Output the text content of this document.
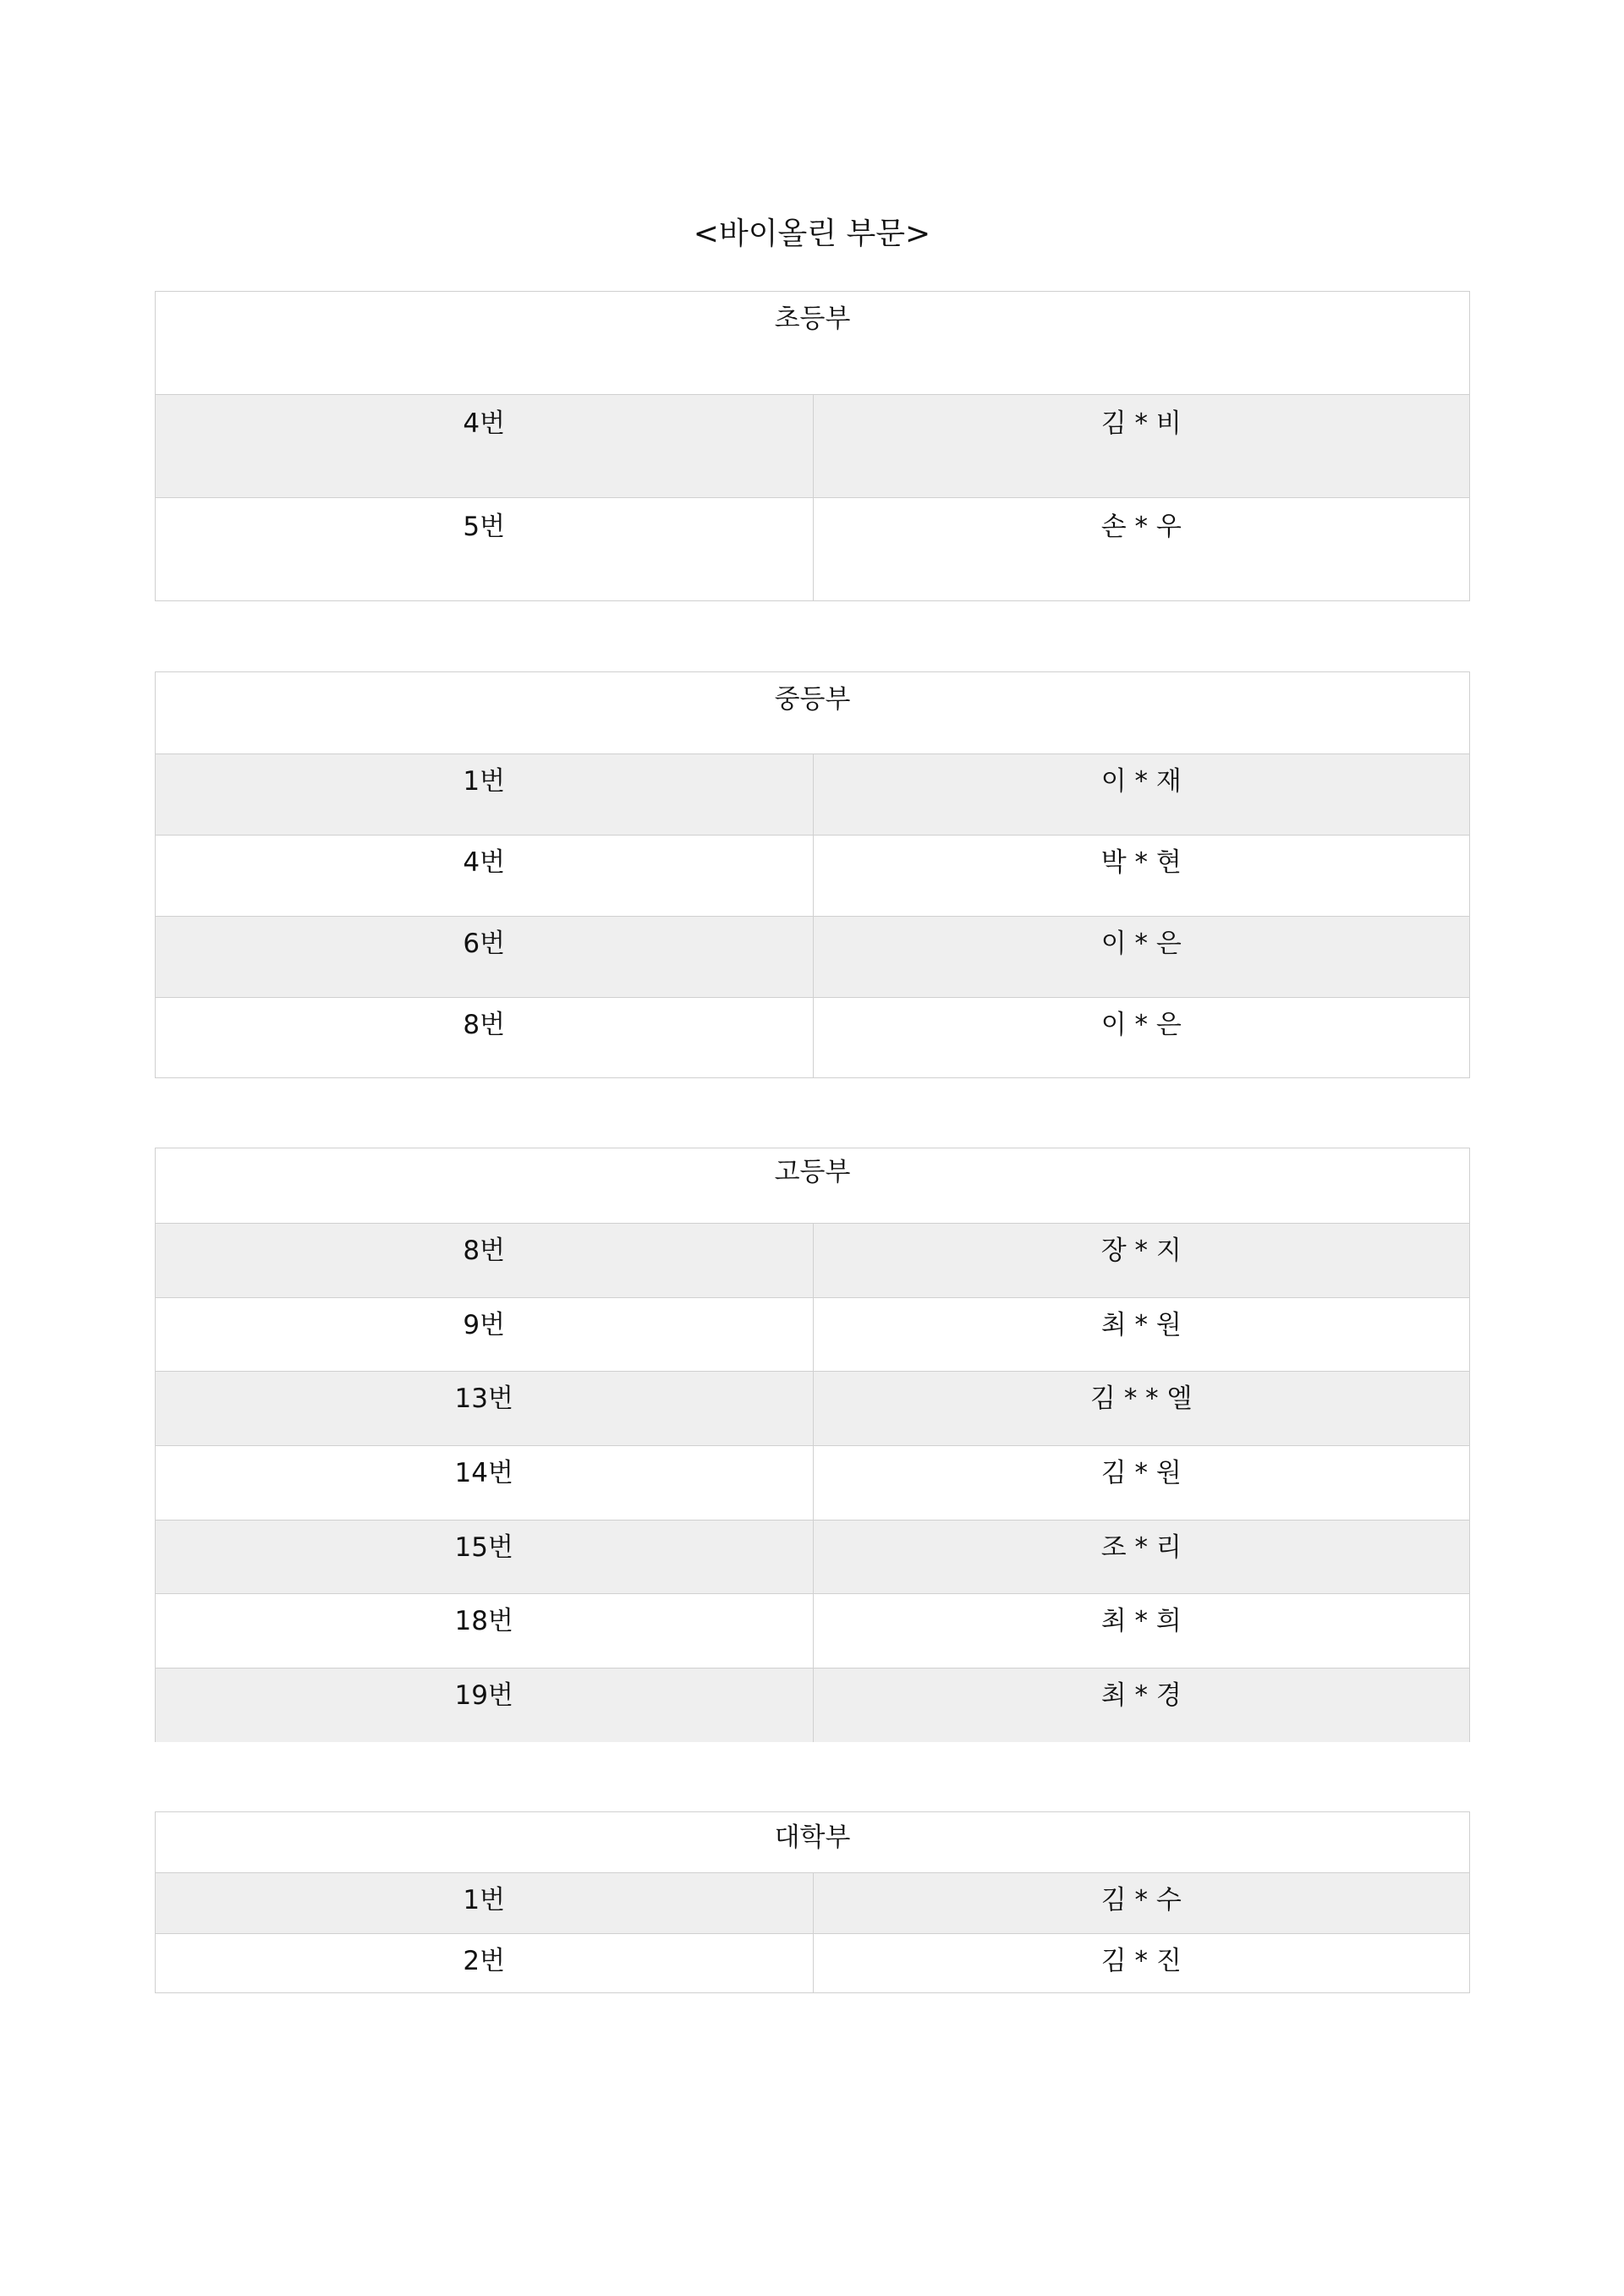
<바이올린 부문>
초등부
4번	김 * 비
5번	손 * 우
중등부
1번	이 * 재
4번	박 * 현
6번	이 * 은
8번	이 * 은
고등부
8번	장 * 지
9번	최 * 원
13번	김 * * 엘
14번	김 * 원
15번	조 * 리
18번	최 * 희
19번	최 * 경
대학부
1번	김 * 수
2번	김 * 진
